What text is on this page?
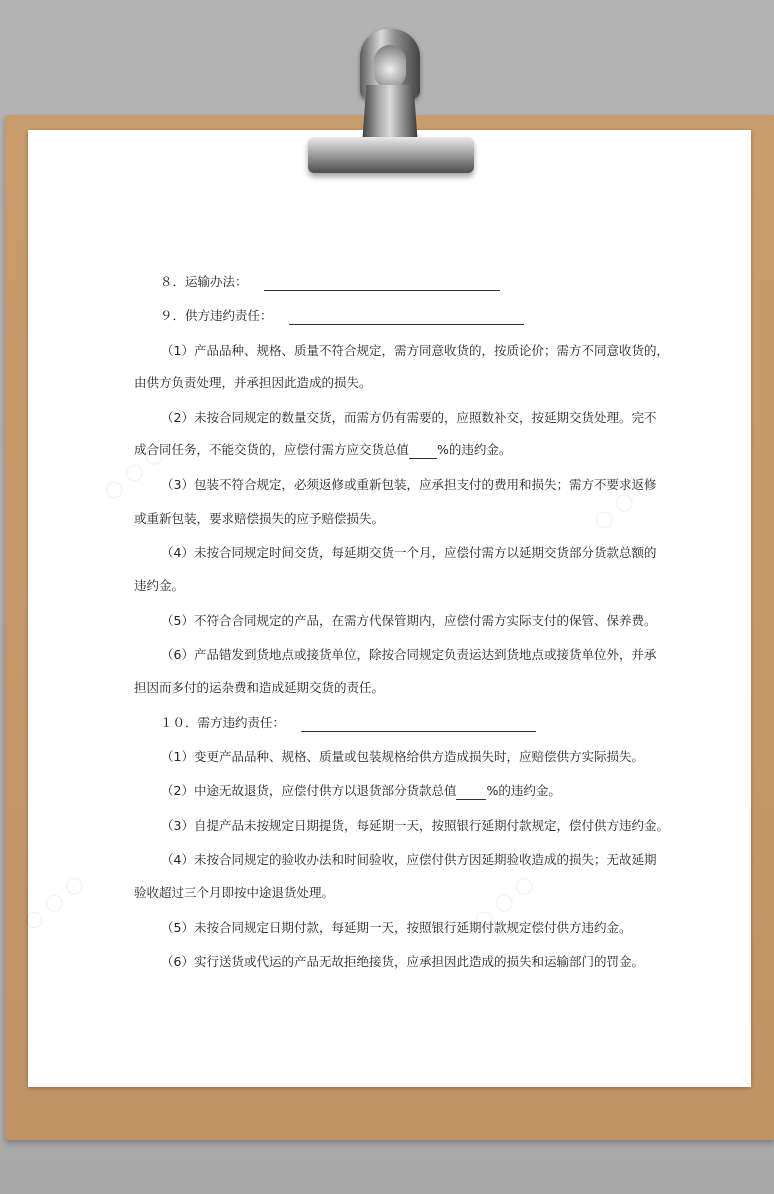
○ ○ ○	○ ○ ○
○ ○ ○	○ ○ ○
８．运输办法：
９．供方违约责任：
（1）产品品种、规格、质量不符合规定，需方同意收货的，按质论价；需方不同意收货的，
由供方负责处理，并承担因此造成的损失。
（2）未按合同规定的数量交货，而需方仍有需要的，应照数补交，按延期交货处理。完不
成合同任务，不能交货的，应偿付需方应交货总值 %的违约金。
（3）包装不符合规定，必须返修或重新包装，应承担支付的费用和损失；需方不要求返修
或重新包装，要求赔偿损失的应予赔偿损失。
（4）未按合同规定时间交货，每延期交货一个月，应偿付需方以延期交货部分货款总额的
违约金。
（5）不符合合同规定的产品，在需方代保管期内，应偿付需方实际支付的保管、保养费。
（6）产品错发到货地点或接货单位，除按合同规定负责运达到货地点或接货单位外，并承
担因而多付的运杂费和造成延期交货的责任。
１０．需方违约责任：
（1）变更产品品种、规格、质量或包装规格给供方造成损失时，应赔偿供方实际损失。
（2）中途无故退货，应偿付供方以退货部分货款总值 %的违约金。
（3）自提产品未按规定日期提货，每延期一天，按照银行延期付款规定，偿付供方违约金。
（4）未按合同规定的验收办法和时间验收，应偿付供方因延期验收造成的损失；无故延期
验收超过三个月即按中途退货处理。
（5）未按合同规定日期付款，每延期一天，按照银行延期付款规定偿付供方违约金。
（6）实行送货或代运的产品无故拒绝接货，应承担因此造成的损失和运输部门的罚金。
